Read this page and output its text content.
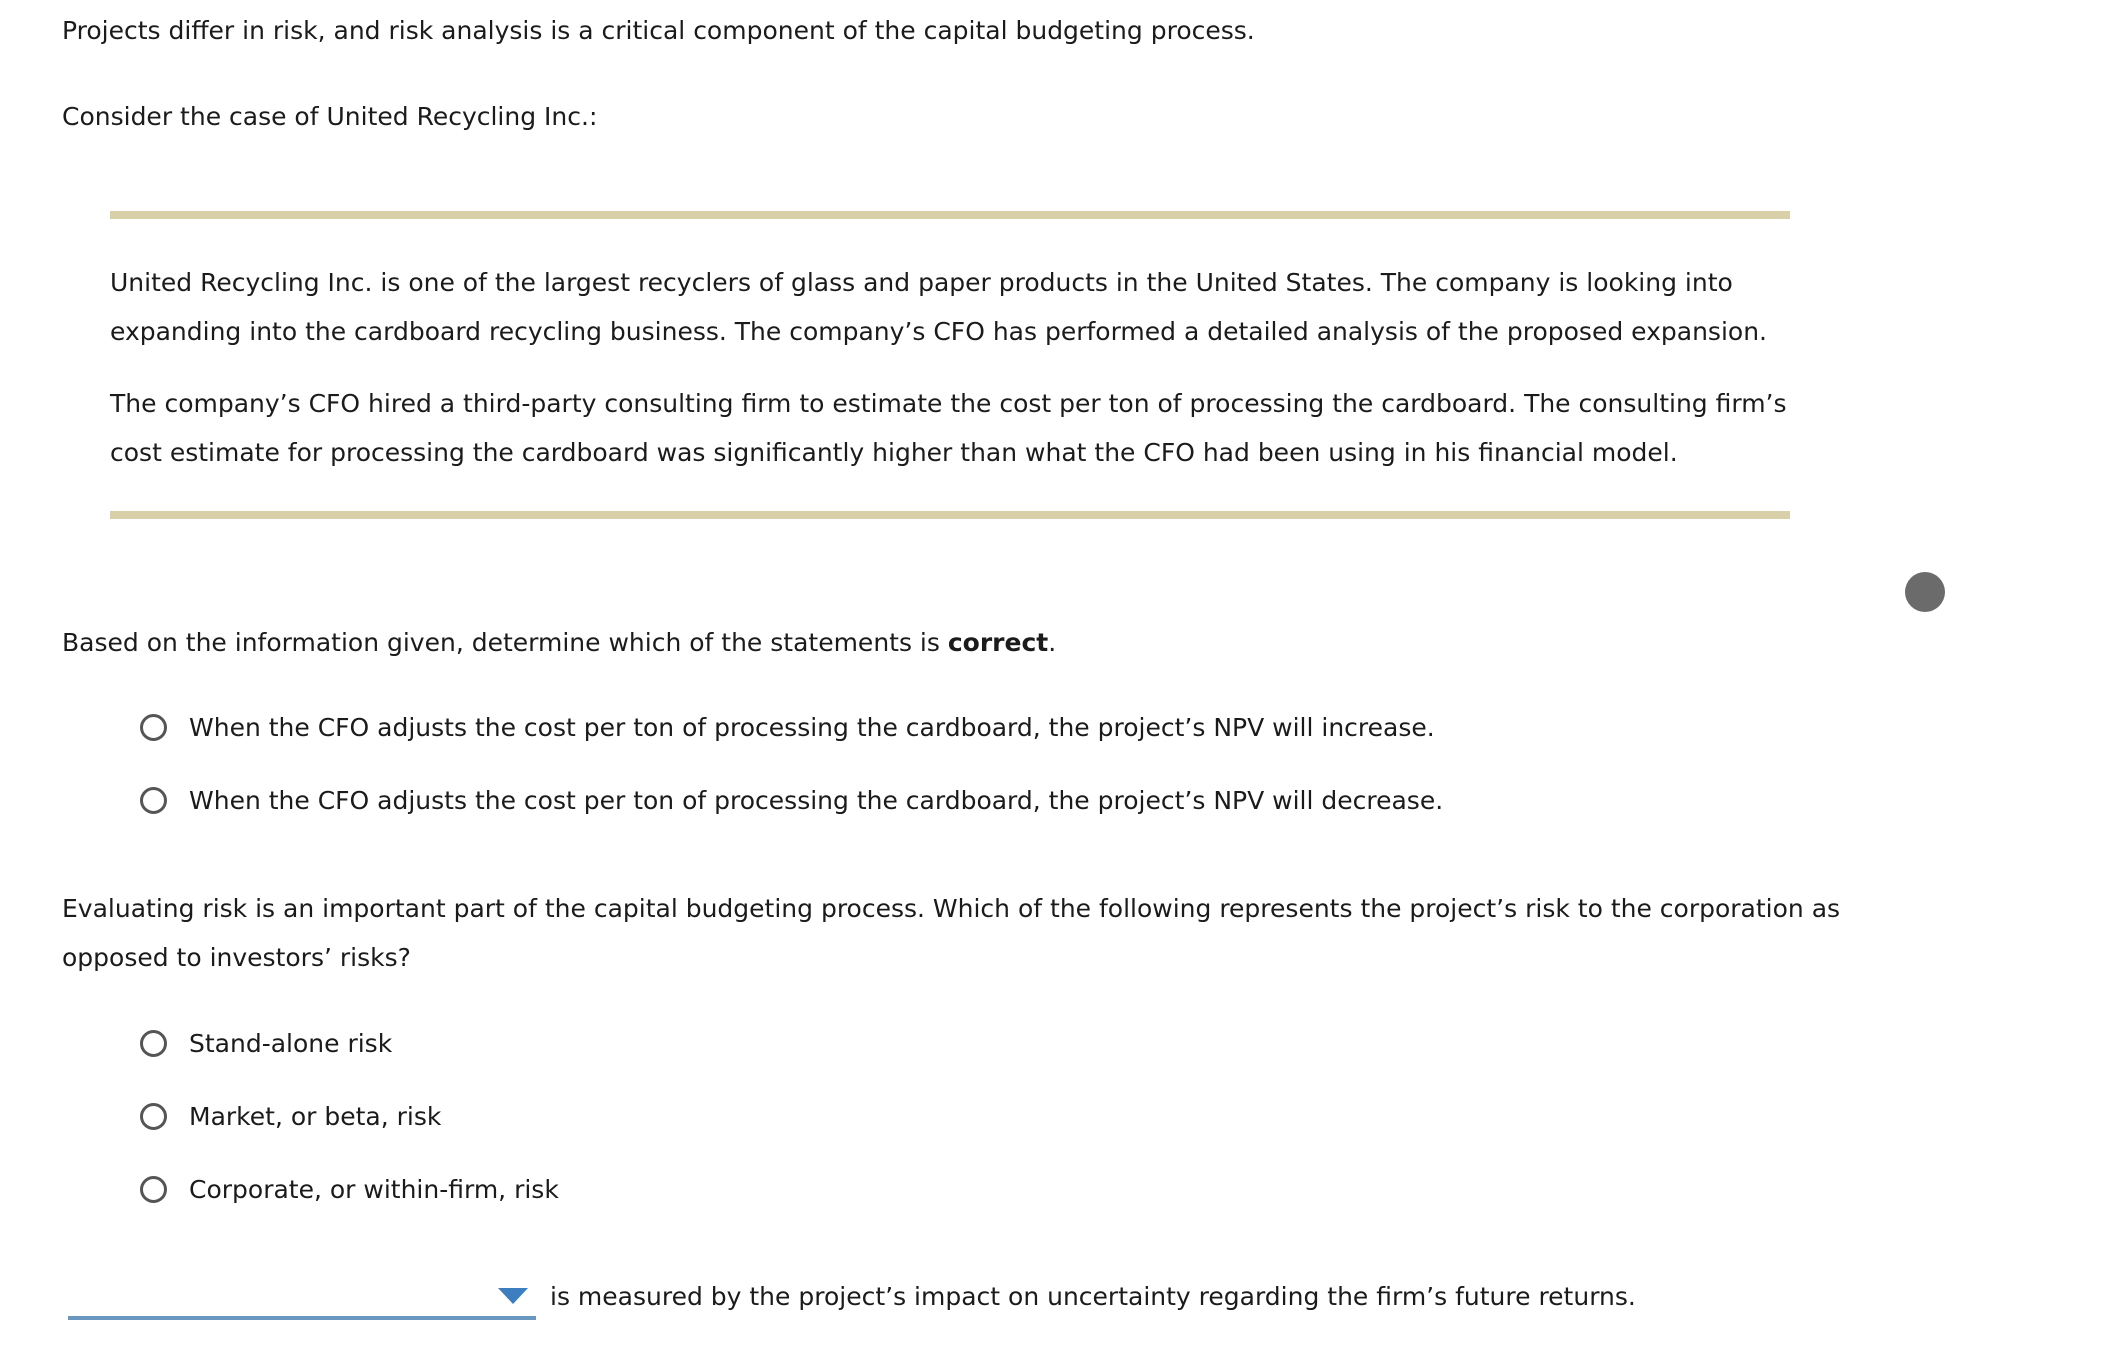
Projects differ in risk, and risk analysis is a critical component of the capital budgeting process.
Consider the case of United Recycling Inc.:
United Recycling Inc. is one of the largest recyclers of glass and paper products in the United States. The company is looking into expanding into the cardboard recycling business. The company’s CFO has performed a detailed analysis of the proposed expansion.
The company’s CFO hired a third-party consulting firm to estimate the cost per ton of processing the cardboard. The consulting firm’s cost estimate for processing the cardboard was significantly higher than what the CFO had been using in his financial model.
Based on the information given, determine which of the statements is correct.
When the CFO adjusts the cost per ton of processing the cardboard, the project’s NPV will increase.
When the CFO adjusts the cost per ton of processing the cardboard, the project’s NPV will decrease.
Evaluating risk is an important part of the capital budgeting process. Which of the following represents the project’s risk to the corporation as opposed to investors’ risks?
Stand-alone risk
Market, or beta, risk
Corporate, or within-firm, risk
is measured by the project’s impact on uncertainty regarding the firm’s future returns.
